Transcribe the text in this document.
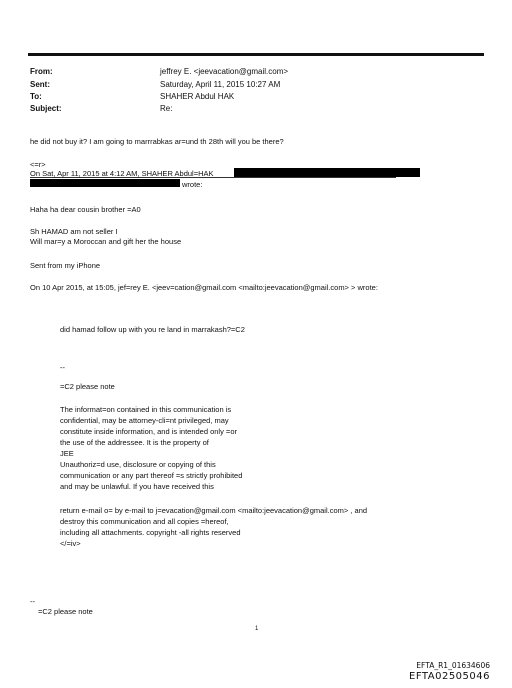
From:	jeffrey E. <jeevacation@gmail.com>
Sent:	Saturday, April 11, 2015 10:27 AM
To:	SHAHER Abdul HAK
Subject:	Re:
he did not buy it? I am going to marrrabkas ar=und th 28th will you be there?
<=r>
On Sat, Apr 11, 2015 at 4:12 AM, SHAHER Abdul=HAK
wrote:
Haha ha dear cousin brother =A0
Sh HAMAD am not seller I
Will mar=y a Moroccan and gift her the house
Sent from my iPhone
On 10 Apr 2015, at 15:05, jef=rey E. <jeev=cation@gmail.com <mailto:jeevacation@gmail.com> > wrote:
did hamad follow up with you re land in marrakash?=C2
--
=C2 please note
The informat=on contained in this communication is
confidential, may be attorney-cli=nt privileged, may
constitute inside information, and is intended only =or
the use of the addressee. It is the property of
JEE
Unauthoriz=d use, disclosure or copying of this
communication or any part thereof =s strictly prohibited
and may be unlawful. If you have received this
return e-mail o= by e-mail to j=evacation@gmail.com <mailto:jeevacation@gmail.com> , and
destroy this communication and all copies =hereof,
including all attachments. copyright -all rights reserved
</=iv>
--
=C2 please note
1
EFTA_R1_01634606
EFTA02505046
